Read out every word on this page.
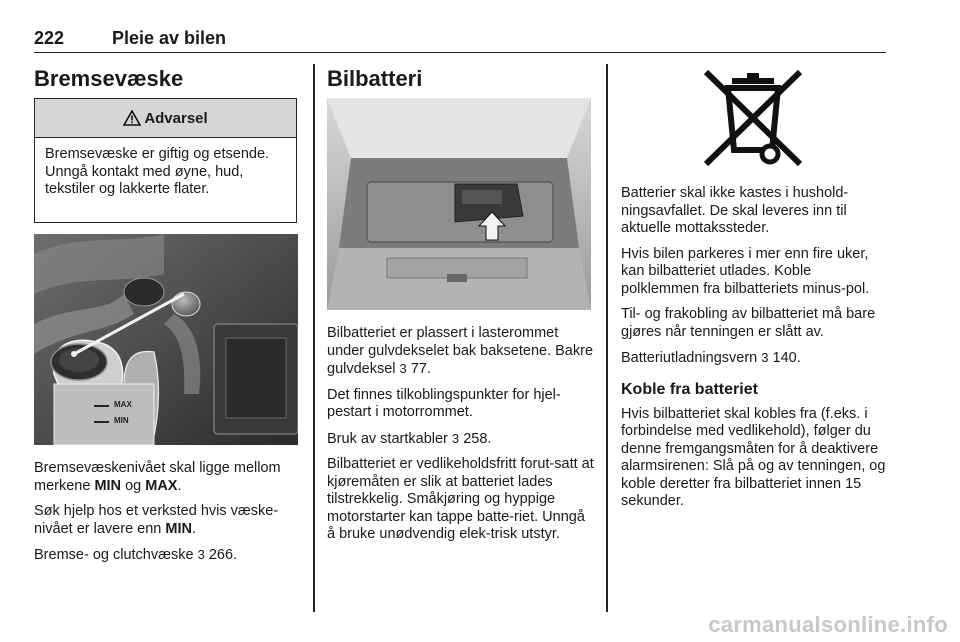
222	Pleie av bilen
Bremsevæske
Advarsel
Bremsevæske er giftig og etsende. Unngå kontakt med øyne, hud, tekstiler og lakkerte flater.
MAX
MIN

Bremsevæskenivået skal ligge mellom merkene MIN og MAX.

Søk hjelp hos et verksted hvis væske-nivået er lavere enn MIN.

Bremse- og clutchvæske 3 266.

Bilbatteri

Bilbatteriet er plassert i lasterommet under gulvdekselet bak baksetene. Bakre gulvdeksel 3 77.

Det finnes tilkoblingspunkter for hjel-pestart i motorrommet.

Bruk av startkabler 3 258.

Bilbatteriet er vedlikeholdsfritt forut-satt at kjøremåten er slik at batteriet lades tilstrekkelig. Småkjøring og hyppige motorstarter kan tappe batte-riet. Unngå å bruke unødvendig elek-trisk utstyr.

Batterier skal ikke kastes i hushold-ningsavfallet. De skal leveres inn til aktuelle mottakssteder.

Hvis bilen parkeres i mer enn fire uker, kan bilbatteriet utlades. Koble polklemmen fra bilbatteriets minus-pol.

Til- og frakobling av bilbatteriet må bare gjøres når tenningen er slått av.

Batteriutladningsvern 3 140.

Koble fra batteriet

Hvis bilbatteriet skal kobles fra (f.eks. i forbindelse med vedlikehold), følger du denne fremgangsmåten for å deaktivere alarmsirenen: Slå på og av tenningen, og koble deretter fra bilbatteriet innen 15 sekunder.

carmanualsonline.info
